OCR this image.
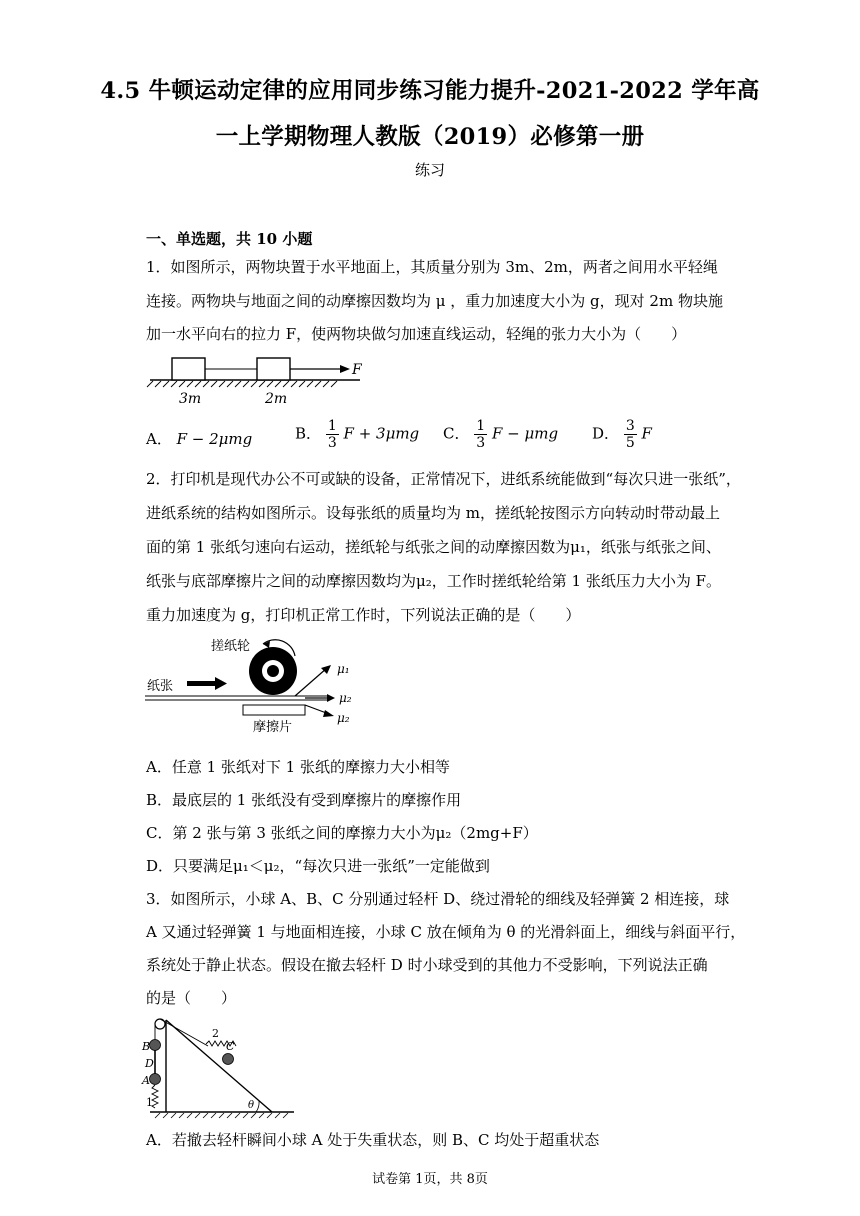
4.5 牛顿运动定律的应用同步练习能力提升-2021-2022 学年高
一上学期物理人教版（2019）必修第一册
练习
一、单选题，共 10 小题
1．如图所示，两物块置于水平地面上，其质量分别为 3m、2m，两者之间用水平轻绳
连接。两物块与地面之间的动摩擦因数均为 μ ，重力加速度大小为 g，现对 2m 物块施
加一水平向右的拉力 F，使两物块做匀加速直线运动，轻绳的张力大小为（　　）
F
3m	2m
A． F − 2μmg	B． $\frac{1}{3}$ F + 3μmg C． $\frac{1}{3}$ F − μmg D． $\frac{3}{5}$ F
2．打印机是现代办公不可或缺的设备，正常情况下，进纸系统能做到“每次只进一张纸”，
进纸系统的结构如图所示。设每张纸的质量均为 m，搓纸轮按图示方向转动时带动最上
面的第 1 张纸匀速向右运动，搓纸轮与纸张之间的动摩擦因数为μ₁，纸张与纸张之间、
纸张与底部摩擦片之间的动摩擦因数均为μ₂，工作时搓纸轮给第 1 张纸压力大小为 F。
重力加速度为 g，打印机正常工作时，下列说法正确的是（　　）
搓纸轮
纸张
μ₁
μ₂
μ₂
摩擦片
A．任意 1 张纸对下 1 张纸的摩擦力大小相等
B．最底层的 1 张纸没有受到摩擦片的摩擦作用
C．第 2 张与第 3 张纸之间的摩擦力大小为μ₂（2mg+F）
D．只要满足μ₁＜μ₂，“每次只进一张纸”一定能做到
3．如图所示，小球 A、B、C 分别通过轻杆 D、绕过滑轮的细线及轻弹簧 2 相连接，球
A 又通过轻弹簧 1 与地面相连接，小球 C 放在倾角为 θ 的光滑斜面上，细线与斜面平行，
系统处于静止状态。假设在撤去轻杆 D 时小球受到的其他力不受影响，下列说法正确
的是（　　）
2
C
B
D
A
1	θ
A．若撤去轻杆瞬间小球 A 处于失重状态，则 B、C 均处于超重状态
试卷第 1页，共 8页
